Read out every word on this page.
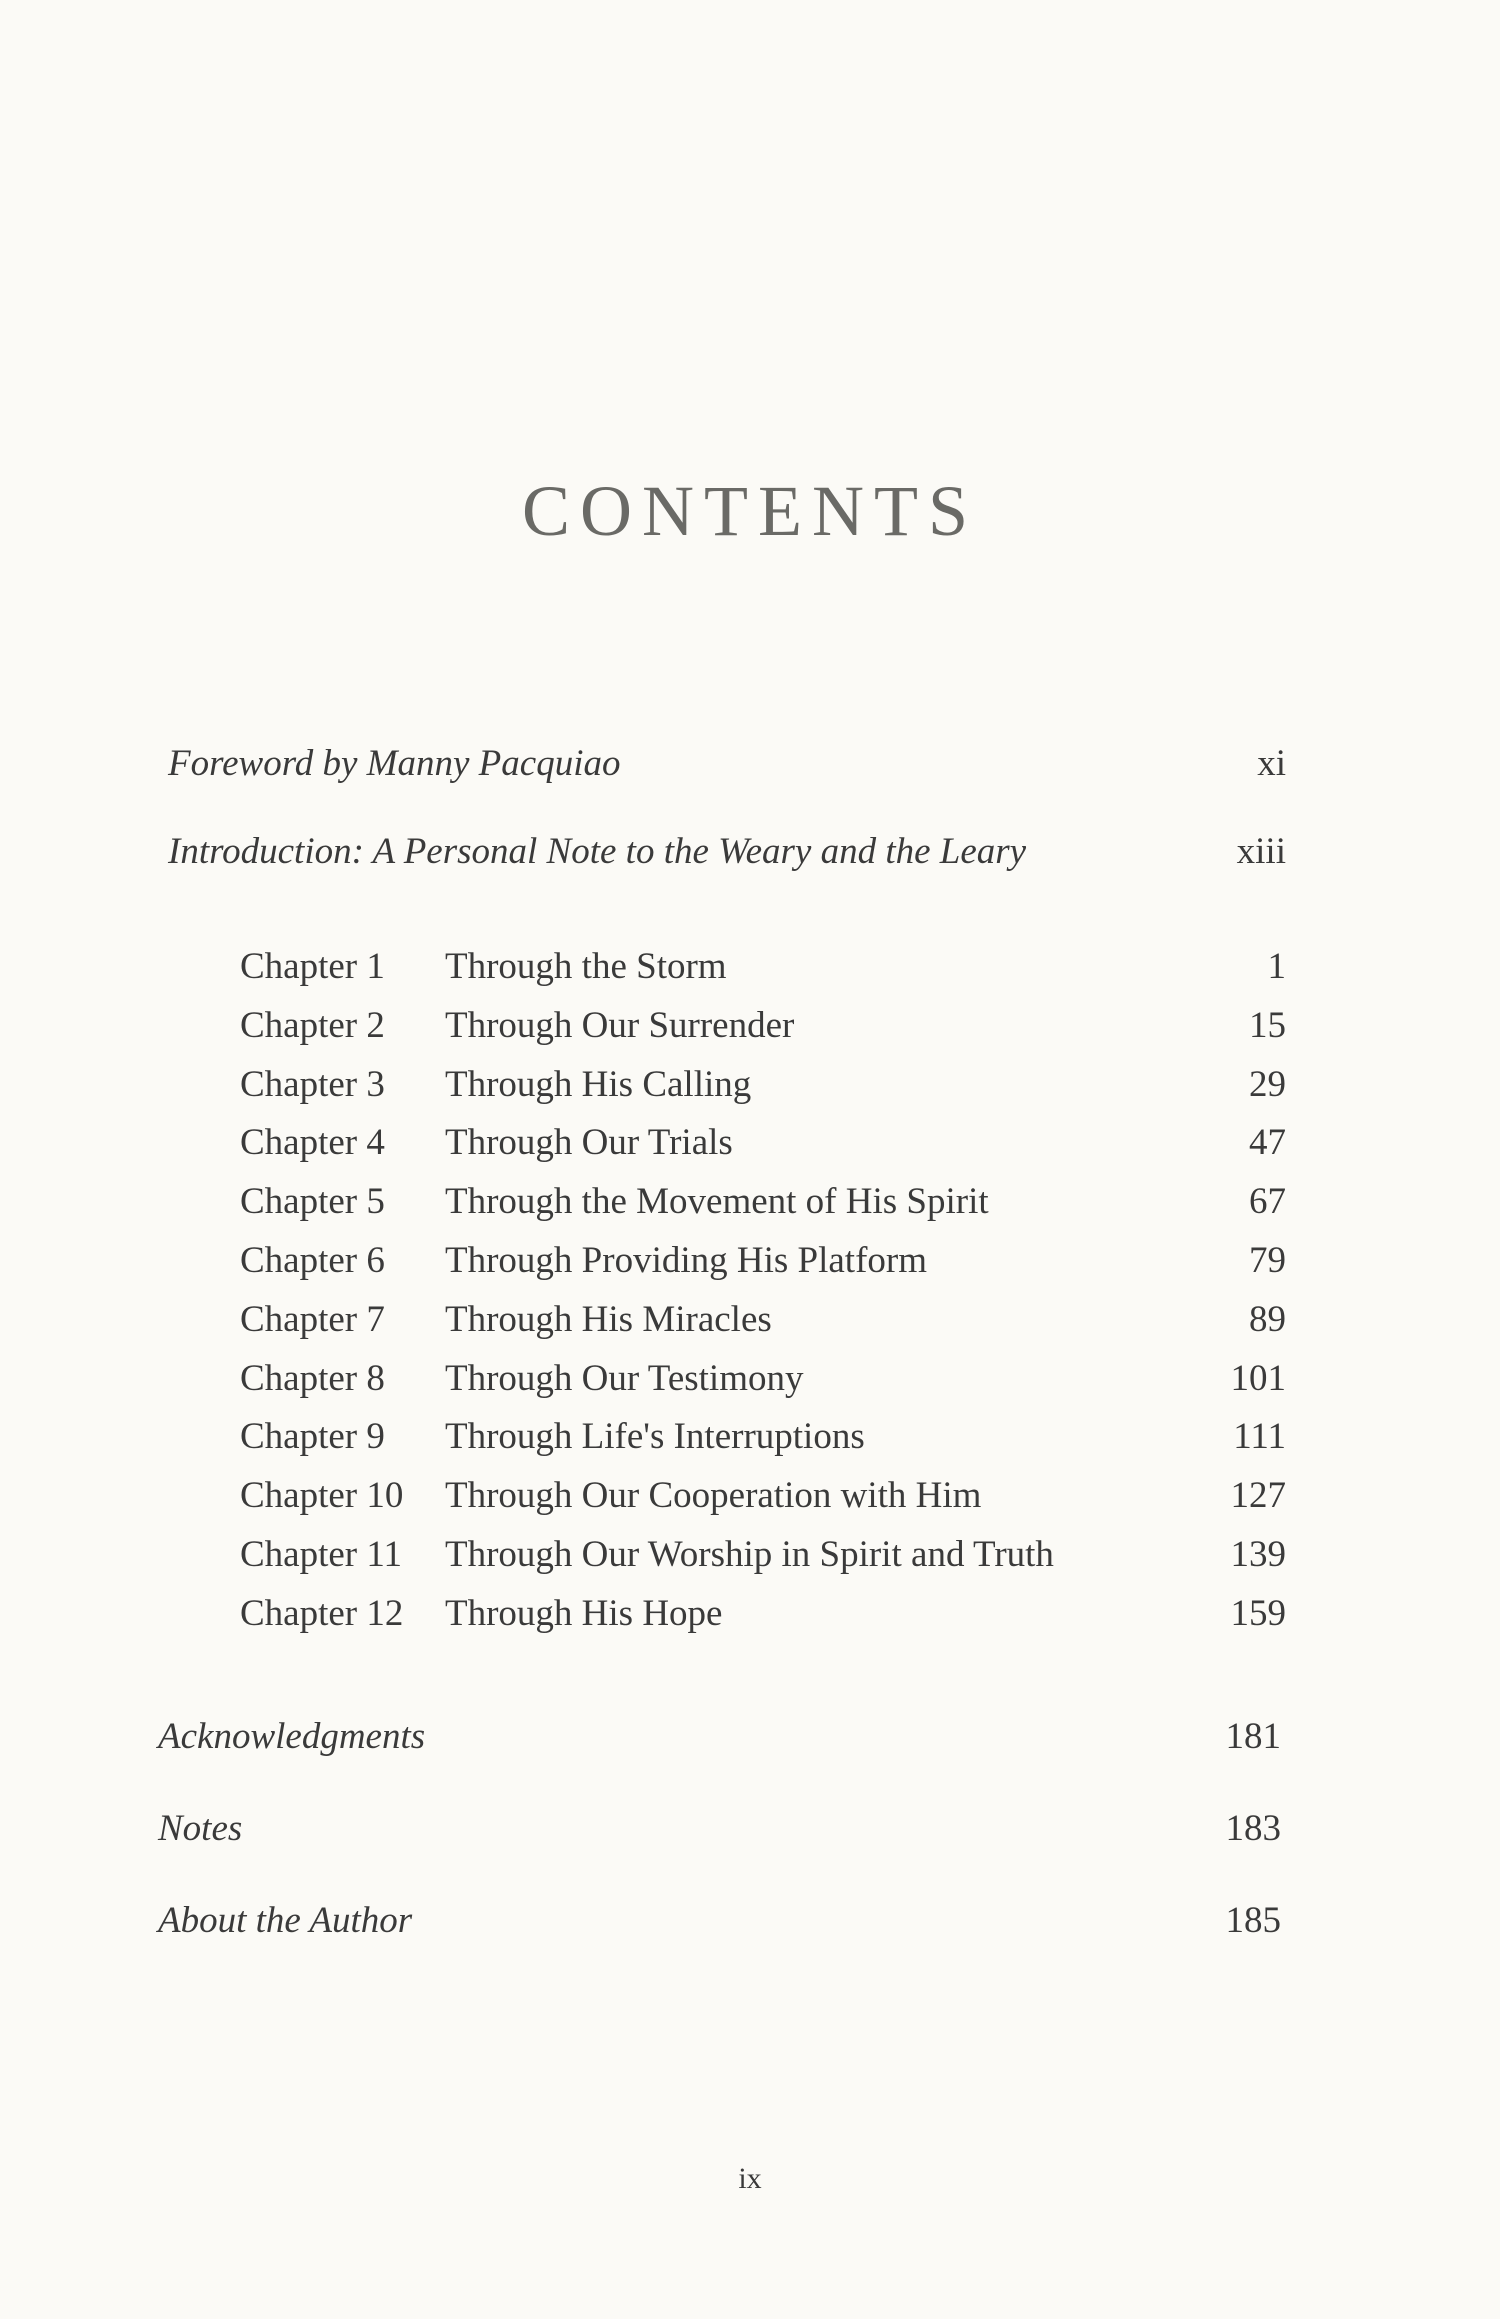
CONTENTS
Foreword by Manny Pacquiao	xi
Introduction: A Personal Note to the Weary and the Leary	xiii
Chapter 1	Through the Storm	1
Chapter 2	Through Our Surrender	15
Chapter 3	Through His Calling	29
Chapter 4	Through Our Trials	47
Chapter 5	Through the Movement of His Spirit	67
Chapter 6	Through Providing His Platform	79
Chapter 7	Through His Miracles	89
Chapter 8	Through Our Testimony	101
Chapter 9	Through Life's Interruptions	111
Chapter 10	Through Our Cooperation with Him	127
Chapter 11	Through Our Worship in Spirit and Truth	139
Chapter 12	Through His Hope	159
Acknowledgments	181
Notes	183
About the Author	185
ix
